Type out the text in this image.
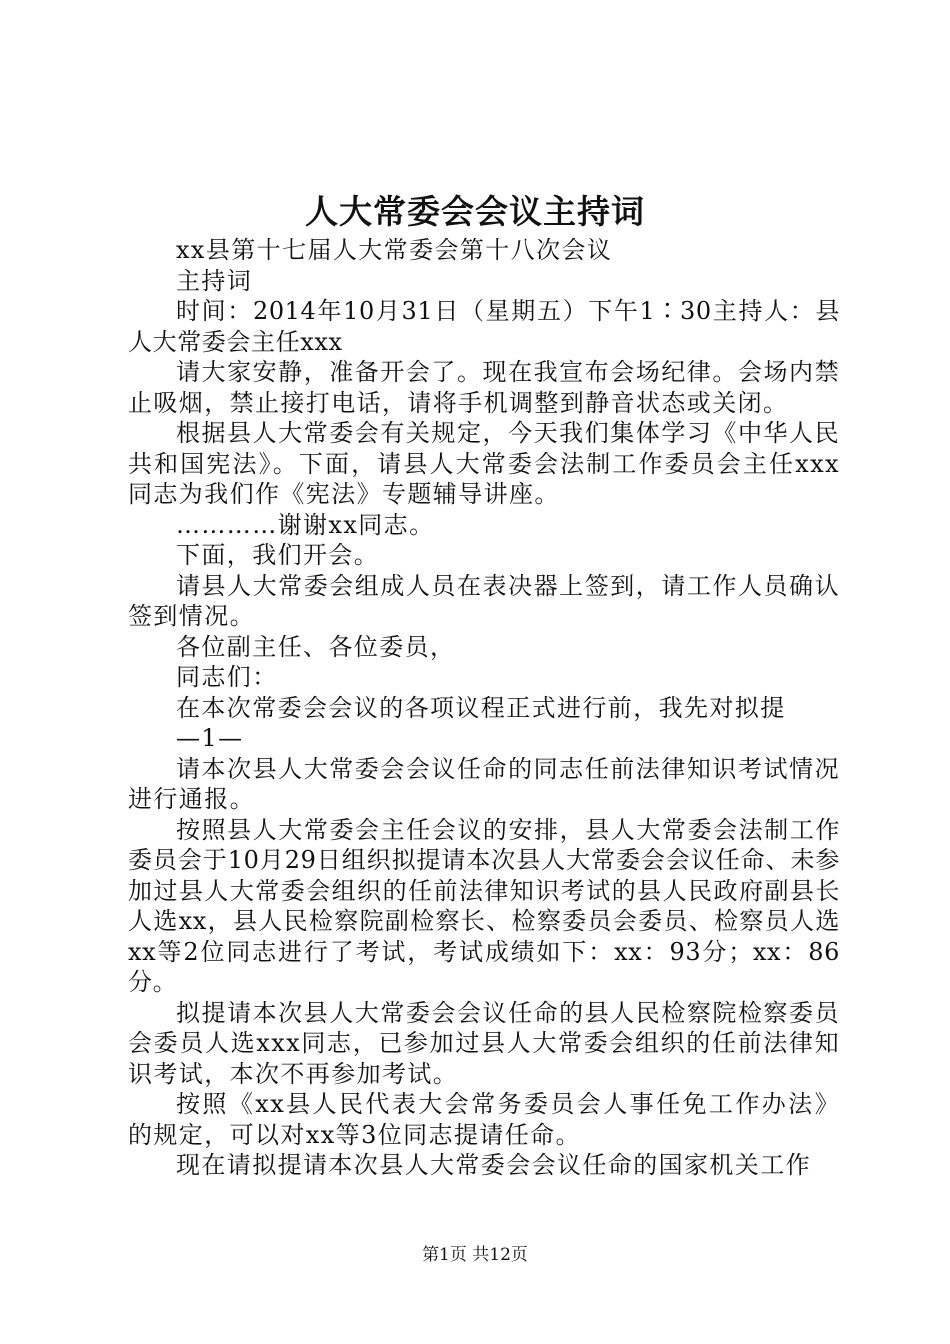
人大常委会会议主持词

xx县第十七届人大常委会第十八次会议

主持词

时间：2014年10月31日（星期五）下午1∶30主持人：县人大常委会主任xxx

请大家安静，准备开会了。现在我宣布会场纪律。会场内禁止吸烟，禁止接打电话，请将手机调整到静音状态或关闭。

根据县人大常委会有关规定，今天我们集体学习《中华人民共和国宪法》。下面，请县人大常委会法制工作委员会主任xxx同志为我们作《宪法》专题辅导讲座。

…………谢谢xx同志。

下面，我们开会。

请县人大常委会组成人员在表决器上签到，请工作人员确认签到情况。

各位副主任、各位委员，

同志们：

在本次常委会会议的各项议程正式进行前，我先对拟提

—1—

请本次县人大常委会会议任命的同志任前法律知识考试情况进行通报。

按照县人大常委会主任会议的安排，县人大常委会法制工作委员会于10月29日组织拟提请本次县人大常委会会议任命、未参加过县人大常委会组织的任前法律知识考试的县人民政府副县长人选xx，县人民检察院副检察长、检察委员会委员、检察员人选xx等2位同志进行了考试，考试成绩如下：xx：93分；xx：86分。

拟提请本次县人大常委会会议任命的县人民检察院检察委员会委员人选xxx同志，已参加过县人大常委会组织的任前法律知识考试，本次不再参加考试。

按照《xx县人民代表大会常务委员会人事任免工作办法》的规定，可以对xx等3位同志提请任命。

现在请拟提请本次县人大常委会会议任命的国家机关工作

第1页 共12页
